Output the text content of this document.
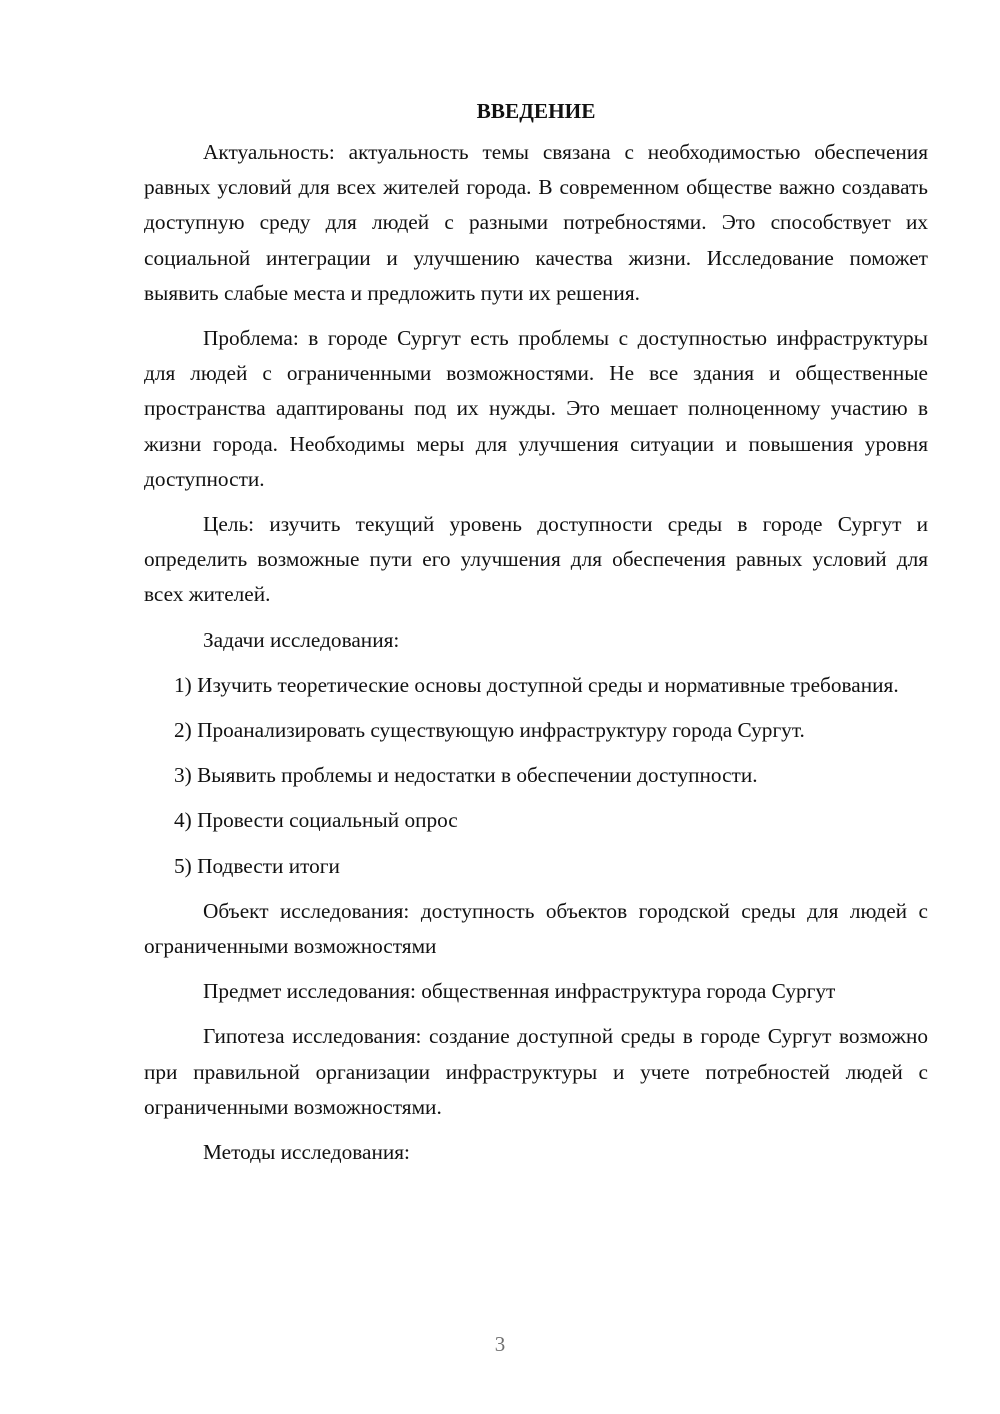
ВВЕДЕНИЕ

Актуальность: актуальность темы связана с необходимостью обеспечения равных условий для всех жителей города. В современном обществе важно создавать доступную среду для людей с разными потребностями. Это способствует их социальной интеграции и улучшению качества жизни. Исследование поможет выявить слабые места и предложить пути их решения.

Проблема: в городе Сургут есть проблемы с доступностью инфраструктуры для людей с ограниченными возможностями. Не все здания и общественные пространства адаптированы под их нужды. Это мешает полноценному участию в жизни города. Необходимы меры для улучшения ситуации и повышения уровня доступности.

Цель: изучить текущий уровень доступности среды в городе Сургут и определить возможные пути его улучшения для обеспечения равных условий для всех жителей.

Задачи исследования:

1) Изучить теоретические основы доступной среды и нормативные требования.

2) Проанализировать существующую инфраструктуру города Сургут.

3) Выявить проблемы и недостатки в обеспечении доступности.

4) Провести социальный опрос

5) Подвести итоги

Объект исследования: доступность объектов городской среды для людей с ограниченными возможностями

Предмет исследования: общественная инфраструктура города Сургут

Гипотеза исследования: создание доступной среды в городе Сургут возможно при правильной организации инфраструктуры и учете потребностей людей с ограниченными возможностями.

Методы исследования:

3
